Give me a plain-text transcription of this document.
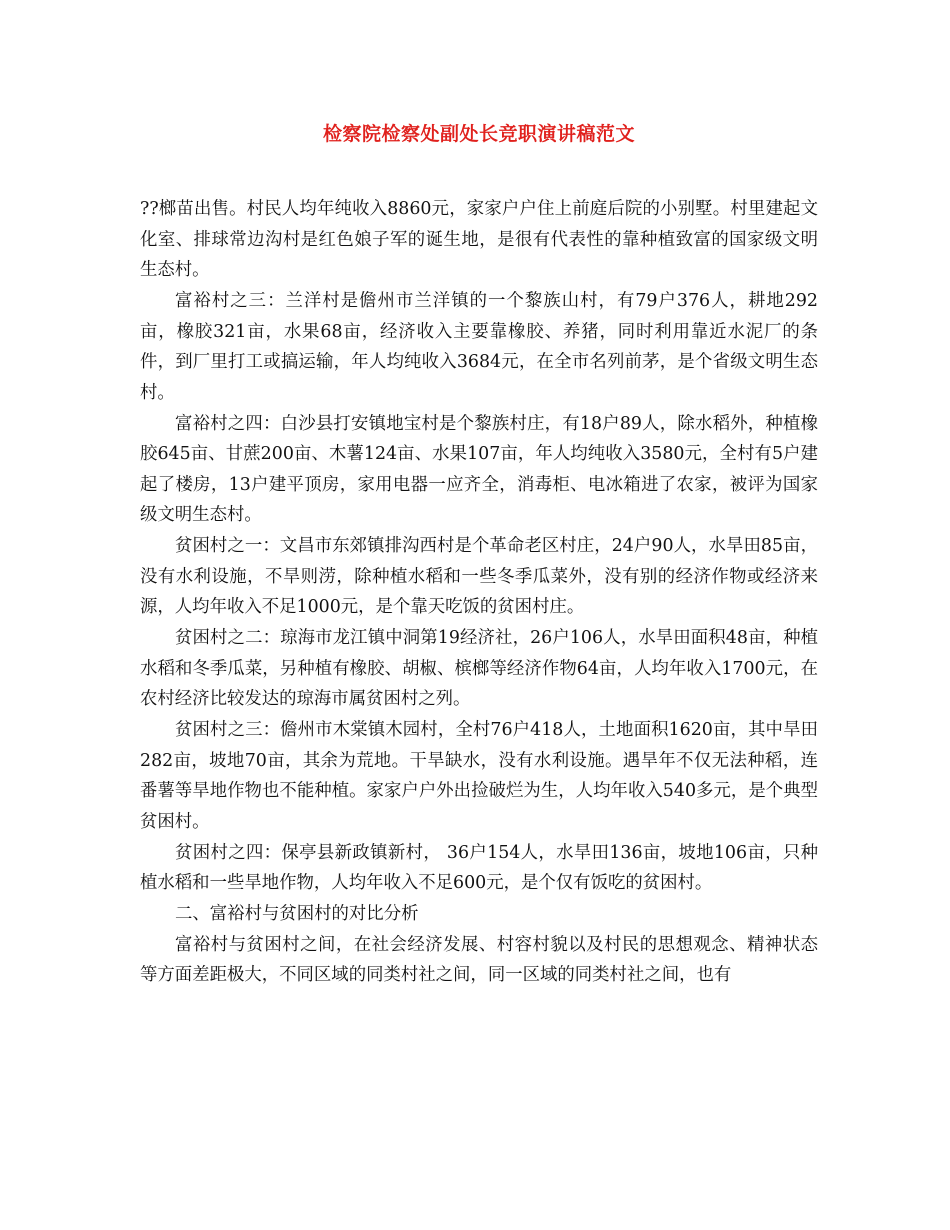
检察院检察处副处长竞职演讲稿范文

??榔苗出售。村民人均年纯收入8860元，家家户户住上前庭后院的小别墅。村里建起文化室、排球常边沟村是红色娘子军的诞生地，是很有代表性的靠种植致富的国家级文明生态村。

富裕村之三：兰洋村是儋州市兰洋镇的一个黎族山村，有79户376人，耕地292亩，橡胶321亩，水果68亩，经济收入主要靠橡胶、养猪，同时利用靠近水泥厂的条件，到厂里打工或搞运输，年人均纯收入3684元，在全市名列前茅，是个省级文明生态村。

富裕村之四：白沙县打安镇地宝村是个黎族村庄，有18户89人，除水稻外，种植橡胶645亩、甘蔗200亩、木薯124亩、水果107亩，年人均纯收入3580元，全村有5户建起了楼房，13户建平顶房，家用电器一应齐全，消毒柜、电冰箱进了农家，被评为国家级文明生态村。

贫困村之一：文昌市东郊镇排沟西村是个革命老区村庄，24户90人，水旱田85亩，没有水利设施，不旱则涝，除种植水稻和一些冬季瓜菜外，没有别的经济作物或经济来源，人均年收入不足1000元，是个靠天吃饭的贫困村庄。

贫困村之二：琼海市龙江镇中洞第19经济社，26户106人，水旱田面积48亩，种植水稻和冬季瓜菜，另种植有橡胶、胡椒、槟榔等经济作物64亩，人均年收入1700元，在农村经济比较发达的琼海市属贫困村之列。

贫困村之三：儋州市木棠镇木园村，全村76户418人，土地面积1620亩，其中旱田282亩，坡地70亩，其余为荒地。干旱缺水，没有水利设施。遇旱年不仅无法种稻，连番薯等旱地作物也不能种植。家家户户外出捡破烂为生，人均年收入540多元，是个典型贫困村。

贫困村之四：保亭县新政镇新村， 36户154人，水旱田136亩，坡地106亩，只种植水稻和一些旱地作物，人均年收入不足600元，是个仅有饭吃的贫困村。

二、富裕村与贫困村的对比分析

富裕村与贫困村之间，在社会经济发展、村容村貌以及村民的思想观念、精神状态等方面差距极大，不同区域的同类村社之间，同一区域的同类村社之间，也有
